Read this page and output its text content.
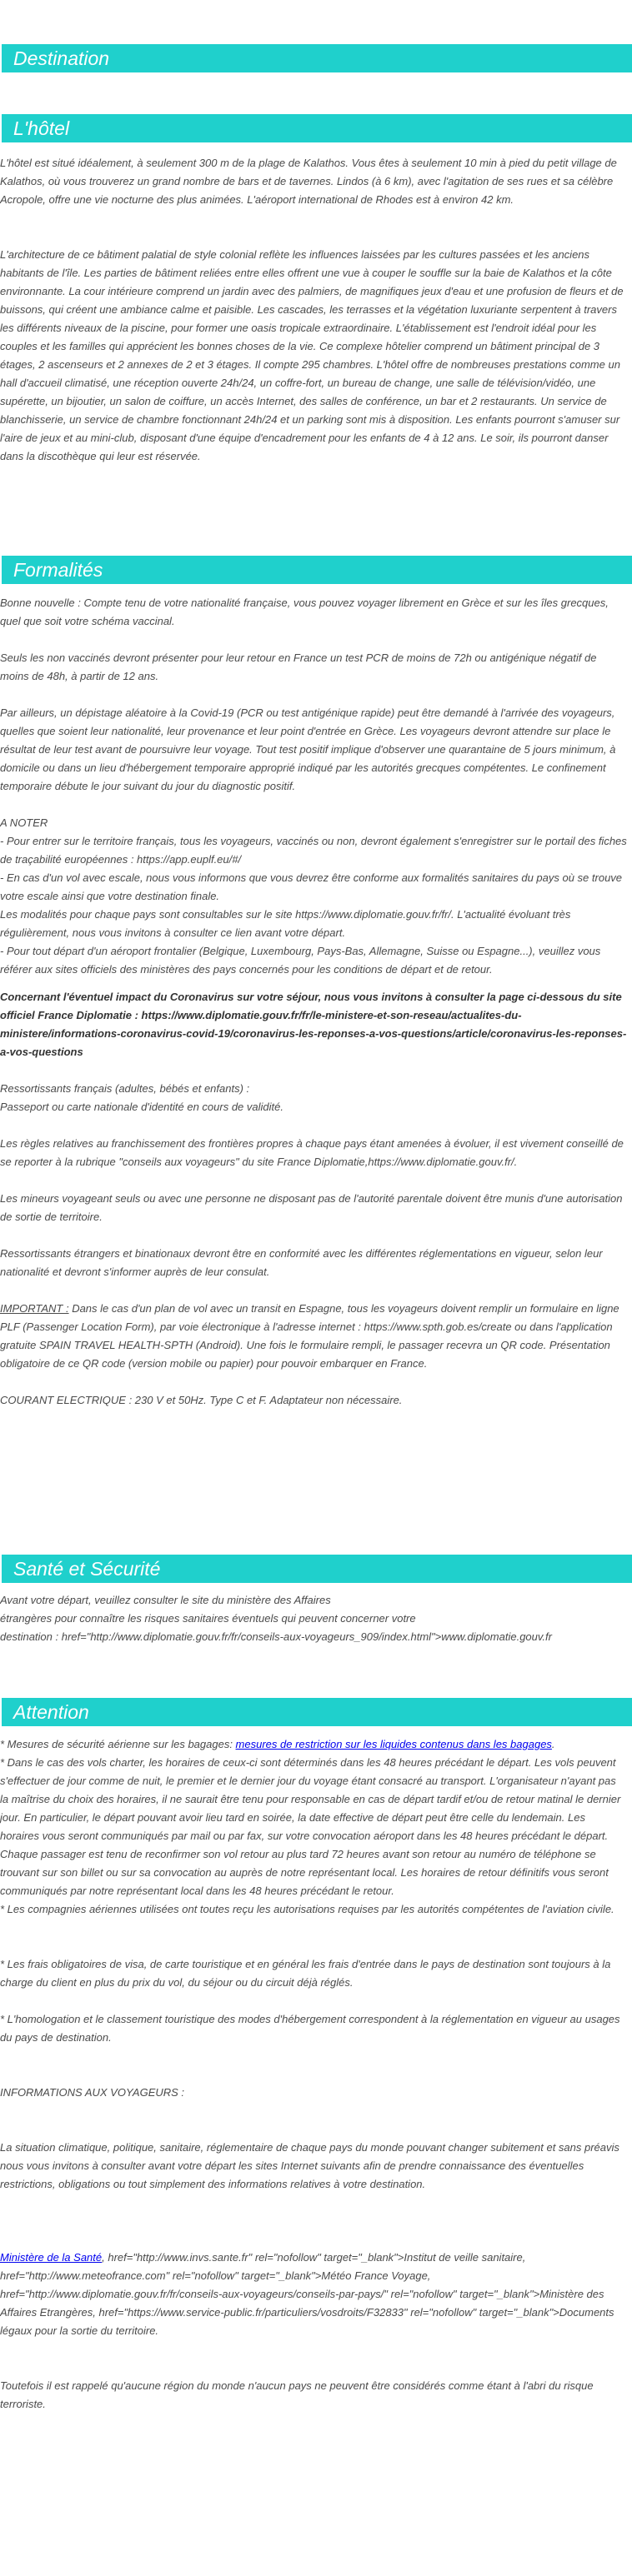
Destination
L'hôtel

L'hôtel est situé idéalement, à seulement 300 m de la plage de Kalathos. Vous êtes à seulement 10 min à pied du petit village de Kalathos, où vous trouverez un grand nombre de bars et de tavernes. Lindos (à 6 km), avec l'agitation de ses rues et sa célèbre Acropole, offre une vie nocturne des plus animées. L'aéroport international de Rhodes est à environ 42 km.

L'architecture de ce bâtiment palatial de style colonial reflète les influences laissées par les cultures passées et les anciens habitants de l'île. Les parties de bâtiment reliées entre elles offrent une vue à couper le souffle sur la baie de Kalathos et la côte environnante. La cour intérieure comprend un jardin avec des palmiers, de magnifiques jeux d'eau et une profusion de fleurs et de buissons, qui créent une ambiance calme et paisible. Les cascades, les terrasses et la végétation luxuriante serpentent à travers les différents niveaux de la piscine, pour former une oasis tropicale extraordinaire. L'établissement est l'endroit idéal pour les couples et les familles qui apprécient les bonnes choses de la vie. Ce complexe hôtelier comprend un bâtiment principal de 3 étages, 2 ascenseurs et 2 annexes de 2 et 3 étages. Il compte 295 chambres. L'hôtel offre de nombreuses prestations comme un hall d'accueil climatisé, une réception ouverte 24h/24, un coffre-fort, un bureau de change, une salle de télévision/vidéo, une supérette, un bijoutier, un salon de coiffure, un accès Internet, des salles de conférence, un bar et 2 restaurants. Un service de blanchisserie, un service de chambre fonctionnant 24h/24 et un parking sont mis à disposition. Les enfants pourront s'amuser sur l'aire de jeux et au mini-club, disposant d'une équipe d'encadrement pour les enfants de 4 à 12 ans. Le soir, ils pourront danser dans la discothèque qui leur est réservée.

Formalités

Bonne nouvelle : Compte tenu de votre nationalité française, vous pouvez voyager librement en Grèce et sur les îles grecques, quel que soit votre schéma vaccinal.

Seuls les non vaccinés devront présenter pour leur retour en France un test PCR de moins de 72h ou antigénique négatif de moins de 48h, à partir de 12 ans.

Par ailleurs, un dépistage aléatoire à la Covid-19 (PCR ou test antigénique rapide) peut être demandé à l'arrivée des voyageurs, quelles que soient leur nationalité, leur provenance et leur point d'entrée en Grèce. Les voyageurs devront attendre sur place le résultat de leur test avant de poursuivre leur voyage. Tout test positif implique d'observer une quarantaine de 5 jours minimum, à domicile ou dans un lieu d'hébergement temporaire approprié indiqué par les autorités grecques compétentes. Le confinement temporaire débute le jour suivant du jour du diagnostic positif.

A NOTER

- Pour entrer sur le territoire français, tous les voyageurs, vaccinés ou non, devront également s'enregistrer sur le portail des fiches de traçabilité européennes : https://app.euplf.eu/#/

- En cas d'un vol avec escale, nous vous informons que vous devrez être conforme aux formalités sanitaires du pays où se trouve votre escale ainsi que votre destination finale.

Les modalités pour chaque pays sont consultables sur le site https://www.diplomatie.gouv.fr/fr/. L'actualité évoluant très régulièrement, nous vous invitons à consulter ce lien avant votre départ.

- Pour tout départ d'un aéroport frontalier (Belgique, Luxembourg, Pays-Bas, Allemagne, Suisse ou Espagne...), veuillez vous référer aux sites officiels des ministères des pays concernés pour les conditions de départ et de retour.

Concernant l'éventuel impact du Coronavirus sur votre séjour, nous vous invitons à consulter la page ci-dessous du site officiel France Diplomatie : https://www.diplomatie.gouv.fr/fr/le-ministere-et-son-reseau/actualites-du-ministere/informations-coronavirus-covid-19/coronavirus-les-reponses-a-vos-questions/article/coronavirus-les-reponses-a-vos-questions

Ressortissants français (adultes, bébés et enfants) :

Passeport ou carte nationale d'identité en cours de validité.

Les règles relatives au franchissement des frontières propres à chaque pays étant amenées à évoluer, il est vivement conseillé de se reporter à la rubrique "conseils aux voyageurs" du site France Diplomatie,https://www.diplomatie.gouv.fr/.

Les mineurs voyageant seuls ou avec une personne ne disposant pas de l'autorité parentale doivent être munis d'une autorisation de sortie de territoire.

Ressortissants étrangers et binationaux devront être en conformité avec les différentes réglementations en vigueur, selon leur nationalité et devront s'informer auprès de leur consulat.

IMPORTANT : Dans le cas d'un plan de vol avec un transit en Espagne, tous les voyageurs doivent remplir un formulaire en ligne PLF (Passenger Location Form), par voie électronique à l'adresse internet : https://www.spth.gob.es/create ou dans l'application gratuite SPAIN TRAVEL HEALTH-SPTH (Android). Une fois le formulaire rempli, le passager recevra un QR code. Présentation obligatoire de ce QR code (version mobile ou papier) pour pouvoir embarquer en France.

COURANT ELECTRIQUE : 230 V et 50Hz. Type C et F. Adaptateur non nécessaire.

Santé et Sécurité

Avant votre départ, veuillez consulter le site du ministère des Affaires

étrangères pour connaître les risques sanitaires éventuels qui peuvent concerner votre

destination : href="http://www.diplomatie.gouv.fr/fr/conseils-aux-voyageurs_909/index.html">www.diplomatie.gouv.fr

Attention

* Mesures de sécurité aérienne sur les bagages: mesures de restriction sur les liquides contenus dans les bagages.

* Dans le cas des vols charter, les horaires de ceux-ci sont déterminés dans les 48 heures précédant le départ. Les vols peuvent s'effectuer de jour comme de nuit, le premier et le dernier jour du voyage étant consacré au transport. L'organisateur n'ayant pas la maîtrise du choix des horaires, il ne saurait être tenu pour responsable en cas de départ tardif et/ou de retour matinal le dernier jour. En particulier, le départ pouvant avoir lieu tard en soirée, la date effective de départ peut être celle du lendemain. Les horaires vous seront communiqués par mail ou par fax, sur votre convocation aéroport dans les 48 heures précédant le départ. Chaque passager est tenu de reconfirmer son vol retour au plus tard 72 heures avant son retour au numéro de téléphone se trouvant sur son billet ou sur sa convocation au auprès de notre représentant local. Les horaires de retour définitifs vous seront communiqués par notre représentant local dans les 48 heures précédant le retour.

* Les compagnies aériennes utilisées ont toutes reçu les autorisations requises par les autorités compétentes de l'aviation civile.

* Les frais obligatoires de visa, de carte touristique et en général les frais d'entrée dans le pays de destination sont toujours à la charge du client en plus du prix du vol, du séjour ou du circuit déjà réglés.

* L'homologation et le classement touristique des modes d'hébergement correspondent à la réglementation en vigueur au usages du pays de destination.

INFORMATIONS AUX VOYAGEURS :

La situation climatique, politique, sanitaire, réglementaire de chaque pays du monde pouvant changer subitement et sans préavis

nous vous invitons à consulter avant votre départ les sites Internet suivants afin de prendre connaissance des éventuelles restrictions, obligations ou tout simplement des informations relatives à votre destination.

Ministère de la Santé, href="http://www.invs.sante.fr" rel="nofollow" target="_blank">Institut de veille sanitaire, href="http://www.meteofrance.com" rel="nofollow" target="_blank">Météo France Voyage, href="http://www.diplomatie.gouv.fr/fr/conseils-aux-voyageurs/conseils-par-pays/" rel="nofollow" target="_blank">Ministère des Affaires Etrangères, href="https://www.service-public.fr/particuliers/vosdroits/F32833" rel="nofollow" target="_blank">Documents légaux pour la sortie du territoire.

Toutefois il est rappelé qu'aucune région du monde n'aucun pays ne peuvent être considérés comme étant à l'abri du risque terroriste.
